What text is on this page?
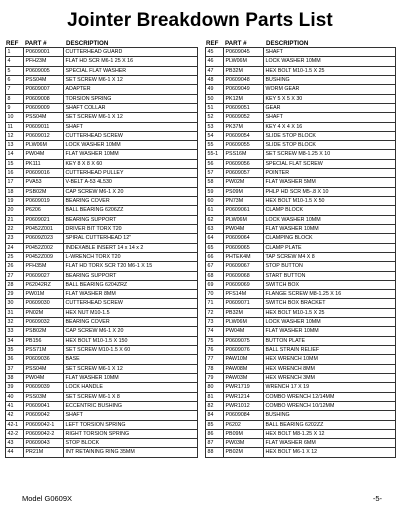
Jointer Breakdown Parts List
REF	PART #	DESCRIPTION
1	P0609001	CUTTERHEAD GUARD
4	PFH23M	FLAT HD SCR M6-1 25 X 16
5	P0609005	SPECIAL FLAT WASHER
6	PSS04M	SET SCREW M6-1 X 12
7	P0609007	ADAPTER
8	P0609008	TORSION SPRING
9	P0609009	SHAFT COLLAR
10	PSS04M	SET SCREW M6-1 X 12
11	P0609011	SHAFT
12	P0609012	CUTTERHEAD SCREW
13	PLW06M	LOCK WASHER 10MM
14	PW04M	FLAT WASHER 10MM
15	PK111	KEY 8 X 8 X 60
16	P0609016	CUTTERHEAD PULLEY
17	PVA53	V-BELT A-53 4L530
18	PSB02M	CAP SCREW M6-1 X 20
19	P0609019	BEARING COVER
20	P6206	BALL BEARING 6206ZZ
21	P0609021	BEARING SUPPORT
22	P0452Z001	DRIVER BIT TORX T20
23	P0609Z023	SPIRAL CUTTERHEAD 12"
24	P0452Z002	INDEXABLE INSERT 14 x 14 x 2
25	P0452Z009	L-WRENCH TORX T20
26	PFH35M	FLAT HD TORX SCR T20 M6-1 X 15
27	P0609027	BEARING SUPPORT
28	P62042RZ	BALL BEARING 6204ZRZ
29	PW01M	FLAT WASHER 8MM
30	P0609030	CUTTERHEAD SCREW
31	PN02M	HEX NUT M10-1.5
32	P0609032	BEARING COVER
33	PSB02M	CAP SCREW M6-1 X 20
34	PB156	HEX BOLT M10-1.5 X 150
35	PSS71M	SET SCREW M10-1.5 X 60
36	P0609036	BASE
37	PSS04M	SET SCREW M6-1 X 12
38	PW04M	FLAT WASHER 10MM
39	P0609039	LOCK HANDLE
40	PSS03M	SET SCREW M6-1 X 8
41	P0609041	ECCENTRIC BUSHING
42	P0609042	SHAFT
42-1	P0609042-1	LEFT TORSION SPRING
42-2	P0609042-2	RIGHT TORSION SPRING
43	P0609043	STOP BLOCK
44	PR21M	INT RETAINING RING 35MM
REF	PART #	DESCRIPTION
45	P0609045	SHAFT
46	PLW06M	LOCK WASHER 10MM
47	PB32M	HEX BOLT M10-1.5 X 25
48	P0609048	BUSHING
49	P0609049	WORM GEAR
50	PK12M	KEY 5 X 5 X 30
51	P0609051	GEAR
52	P0609052	SHAFT
53	PK37M	KEY 4 X 4 X 16
54	P0609054	SLIDE STOP BLOCK
55	P0609055	SLIDE STOP BLOCK
55-1	PSS16M	SET SCREW M8-1.25 X 10
56	P0609056	SPECIAL FLAT SCREW
57	P0609057	POINTER
58	PW02M	FLAT WASHER 5MM
59	PS09M	PHLP HD SCR M5-.8 X 10
60	PN73M	HEX BOLT M10-1.5 X 50
61	P0609061	CLAMP BLOCK
62	PLW06M	LOCK WASHER 10MM
63	PW04M	FLAT WASHER 10MM
64	P0609064	CLAMPING BLOCK
65	P0609065	CLAMP PLATE
66	PHTEK4M	TAP SCREW M4 X 8
67	P0609067	STOP BUTTON
68	P0609068	START BUTTON
69	P0609069	SWITCH BOX
70	PFS14M	FLANGE SCREW M8-1.25 X 16
71	P0609071	SWITCH BOX BRACKET
72	PB32M	HEX BOLT M10-1.5 X 25
73	PLW06M	LOCK WASHER 10MM
74	PW04M	FLAT WASHER 10MM
75	P0609075	BUTTON PLATE
76	P0609076	BALL STRAIN RELIEF
77	PAW10M	HEX WRENCH 10MM
78	PAW08M	HEX WRENCH 8MM
79	PAW03M	HEX WRENCH 3MM
80	PWR1719	WRENCH 17 X 19
81	PWR1214	COMBO WRENCH 12/14MM
82	PWR1012	COMBO WRENCH 10/12MM
84	P0609084	BUSHING
85	P6202	BALL BEARING 6202ZZ
86	PB09M	HEX BOLT M8-1.25 X 12
87	PW03M	FLAT WASHER 6MM
88	PB02M	HEX BOLT M6-1 X 12
Model G0609X	-5-
